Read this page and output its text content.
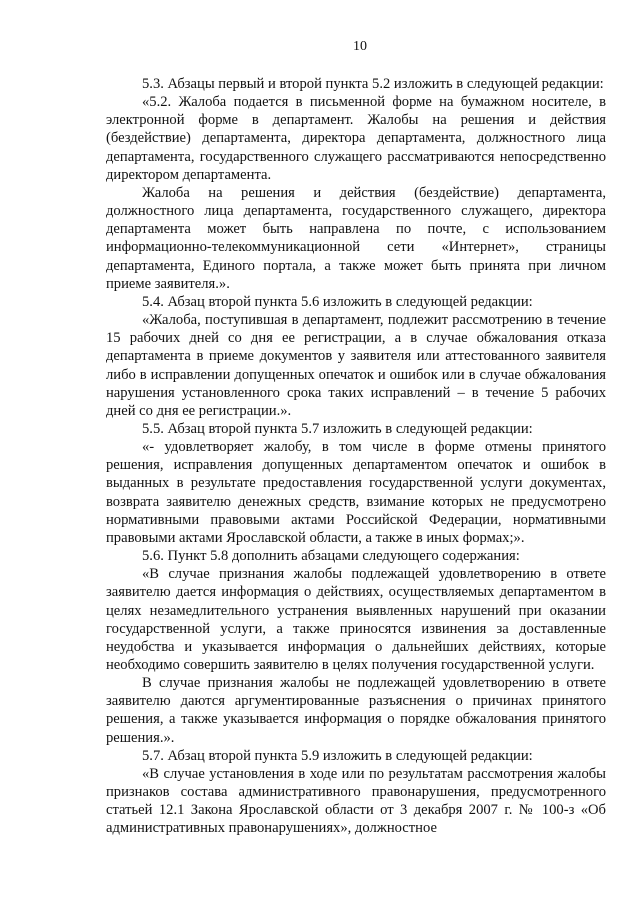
10

5.3. Абзацы первый и второй пункта 5.2 изложить в следующей редакции:

«5.2. Жалоба подается в письменной форме на бумажном носителе, в электронной форме в департамент. Жалобы на решения и действия (бездействие) департамента, директора департамента, должностного лица департамента, государственного служащего рассматриваются непосредственно директором департамента.

Жалоба на решения и действия (бездействие) департамента, должностного лица департамента, государственного служащего, директора департамента может быть направлена по почте, с использованием информационно-телекоммуникационной сети «Интернет», страницы департамента, Единого портала, а также может быть принята при личном приеме заявителя.».

5.4. Абзац второй пункта 5.6 изложить в следующей редакции:

«Жалоба, поступившая в департамент, подлежит рассмотрению в течение 15 рабочих дней со дня ее регистрации, а в случае обжалования отказа департамента в приеме документов у заявителя или аттестованного заявителя либо в исправлении допущенных опечаток и ошибок или в случае обжалования нарушения установленного срока таких исправлений – в течение 5 рабочих дней со дня ее регистрации.».

5.5. Абзац второй пункта 5.7 изложить в следующей редакции:

«- удовлетворяет жалобу, в том числе в форме отмены принятого решения, исправления допущенных департаментом опечаток и ошибок в выданных в результате предоставления государственной услуги документах, возврата заявителю денежных средств, взимание которых не предусмотрено нормативными правовыми актами Российской Федерации, нормативными правовыми актами Ярославской области, а также в иных формах;».

5.6. Пункт 5.8 дополнить абзацами следующего содержания:

«В случае признания жалобы подлежащей удовлетворению в ответе заявителю дается информация о действиях, осуществляемых департаментом в целях незамедлительного устранения выявленных нарушений при оказании государственной услуги, а также приносятся извинения за доставленные неудобства и указывается информация о дальнейших действиях, которые необходимо совершить заявителю в целях получения государственной услуги.

В случае признания жалобы не подлежащей удовлетворению в ответе заявителю даются аргументированные разъяснения о причинах принятого решения, а также указывается информация о порядке обжалования принятого решения.».

5.7. Абзац второй пункта 5.9 изложить в следующей редакции:

«В случае установления в ходе или по результатам рассмотрения жалобы признаков состава административного правонарушения, предусмотренного статьей 12.1 Закона Ярославской области от 3 декабря 2007 г. № 100-з «Об административных правонарушениях», должностное
